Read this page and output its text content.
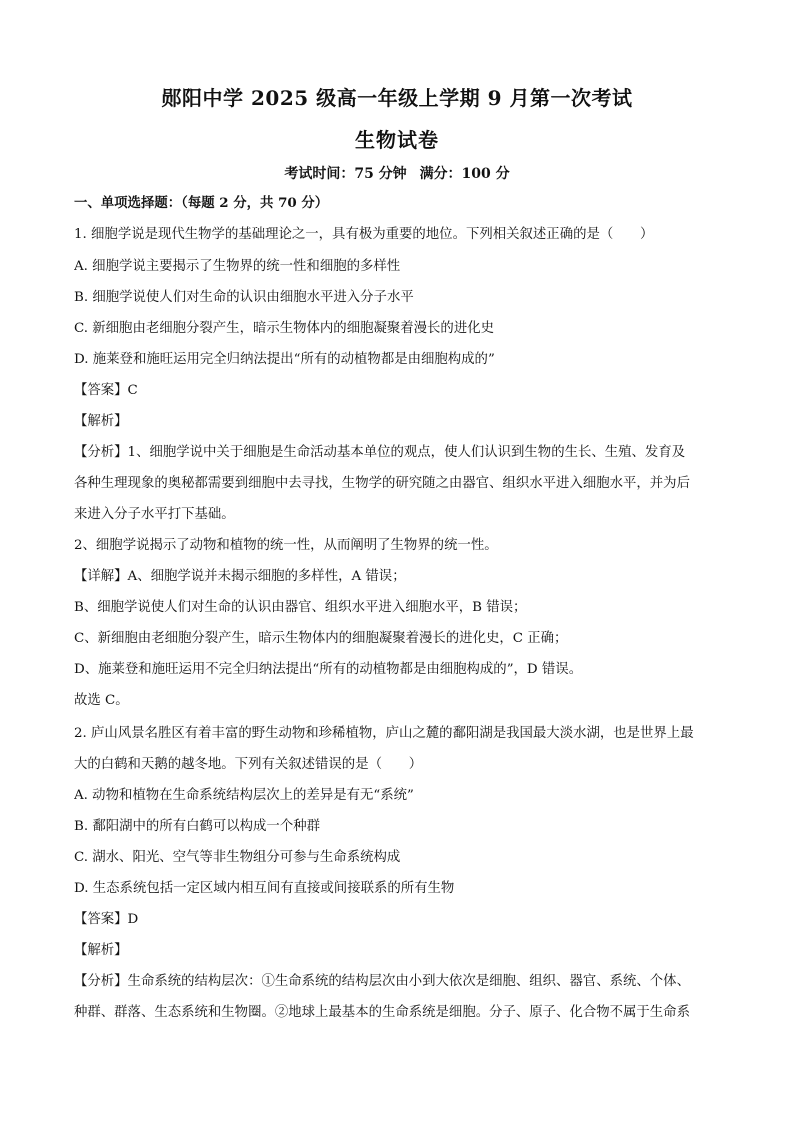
郧阳中学 2025 级高一年级上学期 9 月第一次考试
生物试卷
考试时间：75 分钟 满分：100 分
一、单项选择题：（每题 2 分，共 70 分）
1. 细胞学说是现代生物学的基础理论之一，具有极为重要的地位。下列相关叙述正确的是（　　）
A. 细胞学说主要揭示了生物界的统一性和细胞的多样性
B. 细胞学说使人们对生命的认识由细胞水平进入分子水平
C. 新细胞由老细胞分裂产生，暗示生物体内的细胞凝聚着漫长的进化史
D. 施莱登和施旺运用完全归纳法提出“所有的动植物都是由细胞构成的”
【答案】C
【解析】
【分析】1、细胞学说中关于细胞是生命活动基本单位的观点，使人们认识到生物的生长、生殖、发育及
各种生理现象的奥秘都需要到细胞中去寻找，生物学的研究随之由器官、组织水平进入细胞水平，并为后
来进入分子水平打下基础。
2、细胞学说揭示了动物和植物的统一性，从而阐明了生物界的统一性。
【详解】A、细胞学说并未揭示细胞的多样性，A 错误；
B、细胞学说使人们对生命的认识由器官、组织水平进入细胞水平，B 错误；
C、新细胞由老细胞分裂产生，暗示生物体内的细胞凝聚着漫长的进化史，C 正确；
D、施莱登和施旺运用不完全归纳法提出“所有的动植物都是由细胞构成的”，D 错误。
故选 C。
2. 庐山风景名胜区有着丰富的野生动物和珍稀植物，庐山之麓的鄱阳湖是我国最大淡水湖，也是世界上最
大的白鹤和天鹅的越冬地。下列有关叙述错误的是（　　）
A. 动物和植物在生命系统结构层次上的差异是有无“系统”
B. 鄱阳湖中的所有白鹤可以构成一个种群
C. 湖水、阳光、空气等非生物组分可参与生命系统构成
D. 生态系统包括一定区域内相互间有直接或间接联系的所有生物
【答案】D
【解析】
【分析】生命系统的结构层次：①生命系统的结构层次由小到大依次是细胞、组织、器官、系统、个体、
种群、群落、生态系统和生物圈。②地球上最基本的生命系统是细胞。分子、原子、化合物不属于生命系
